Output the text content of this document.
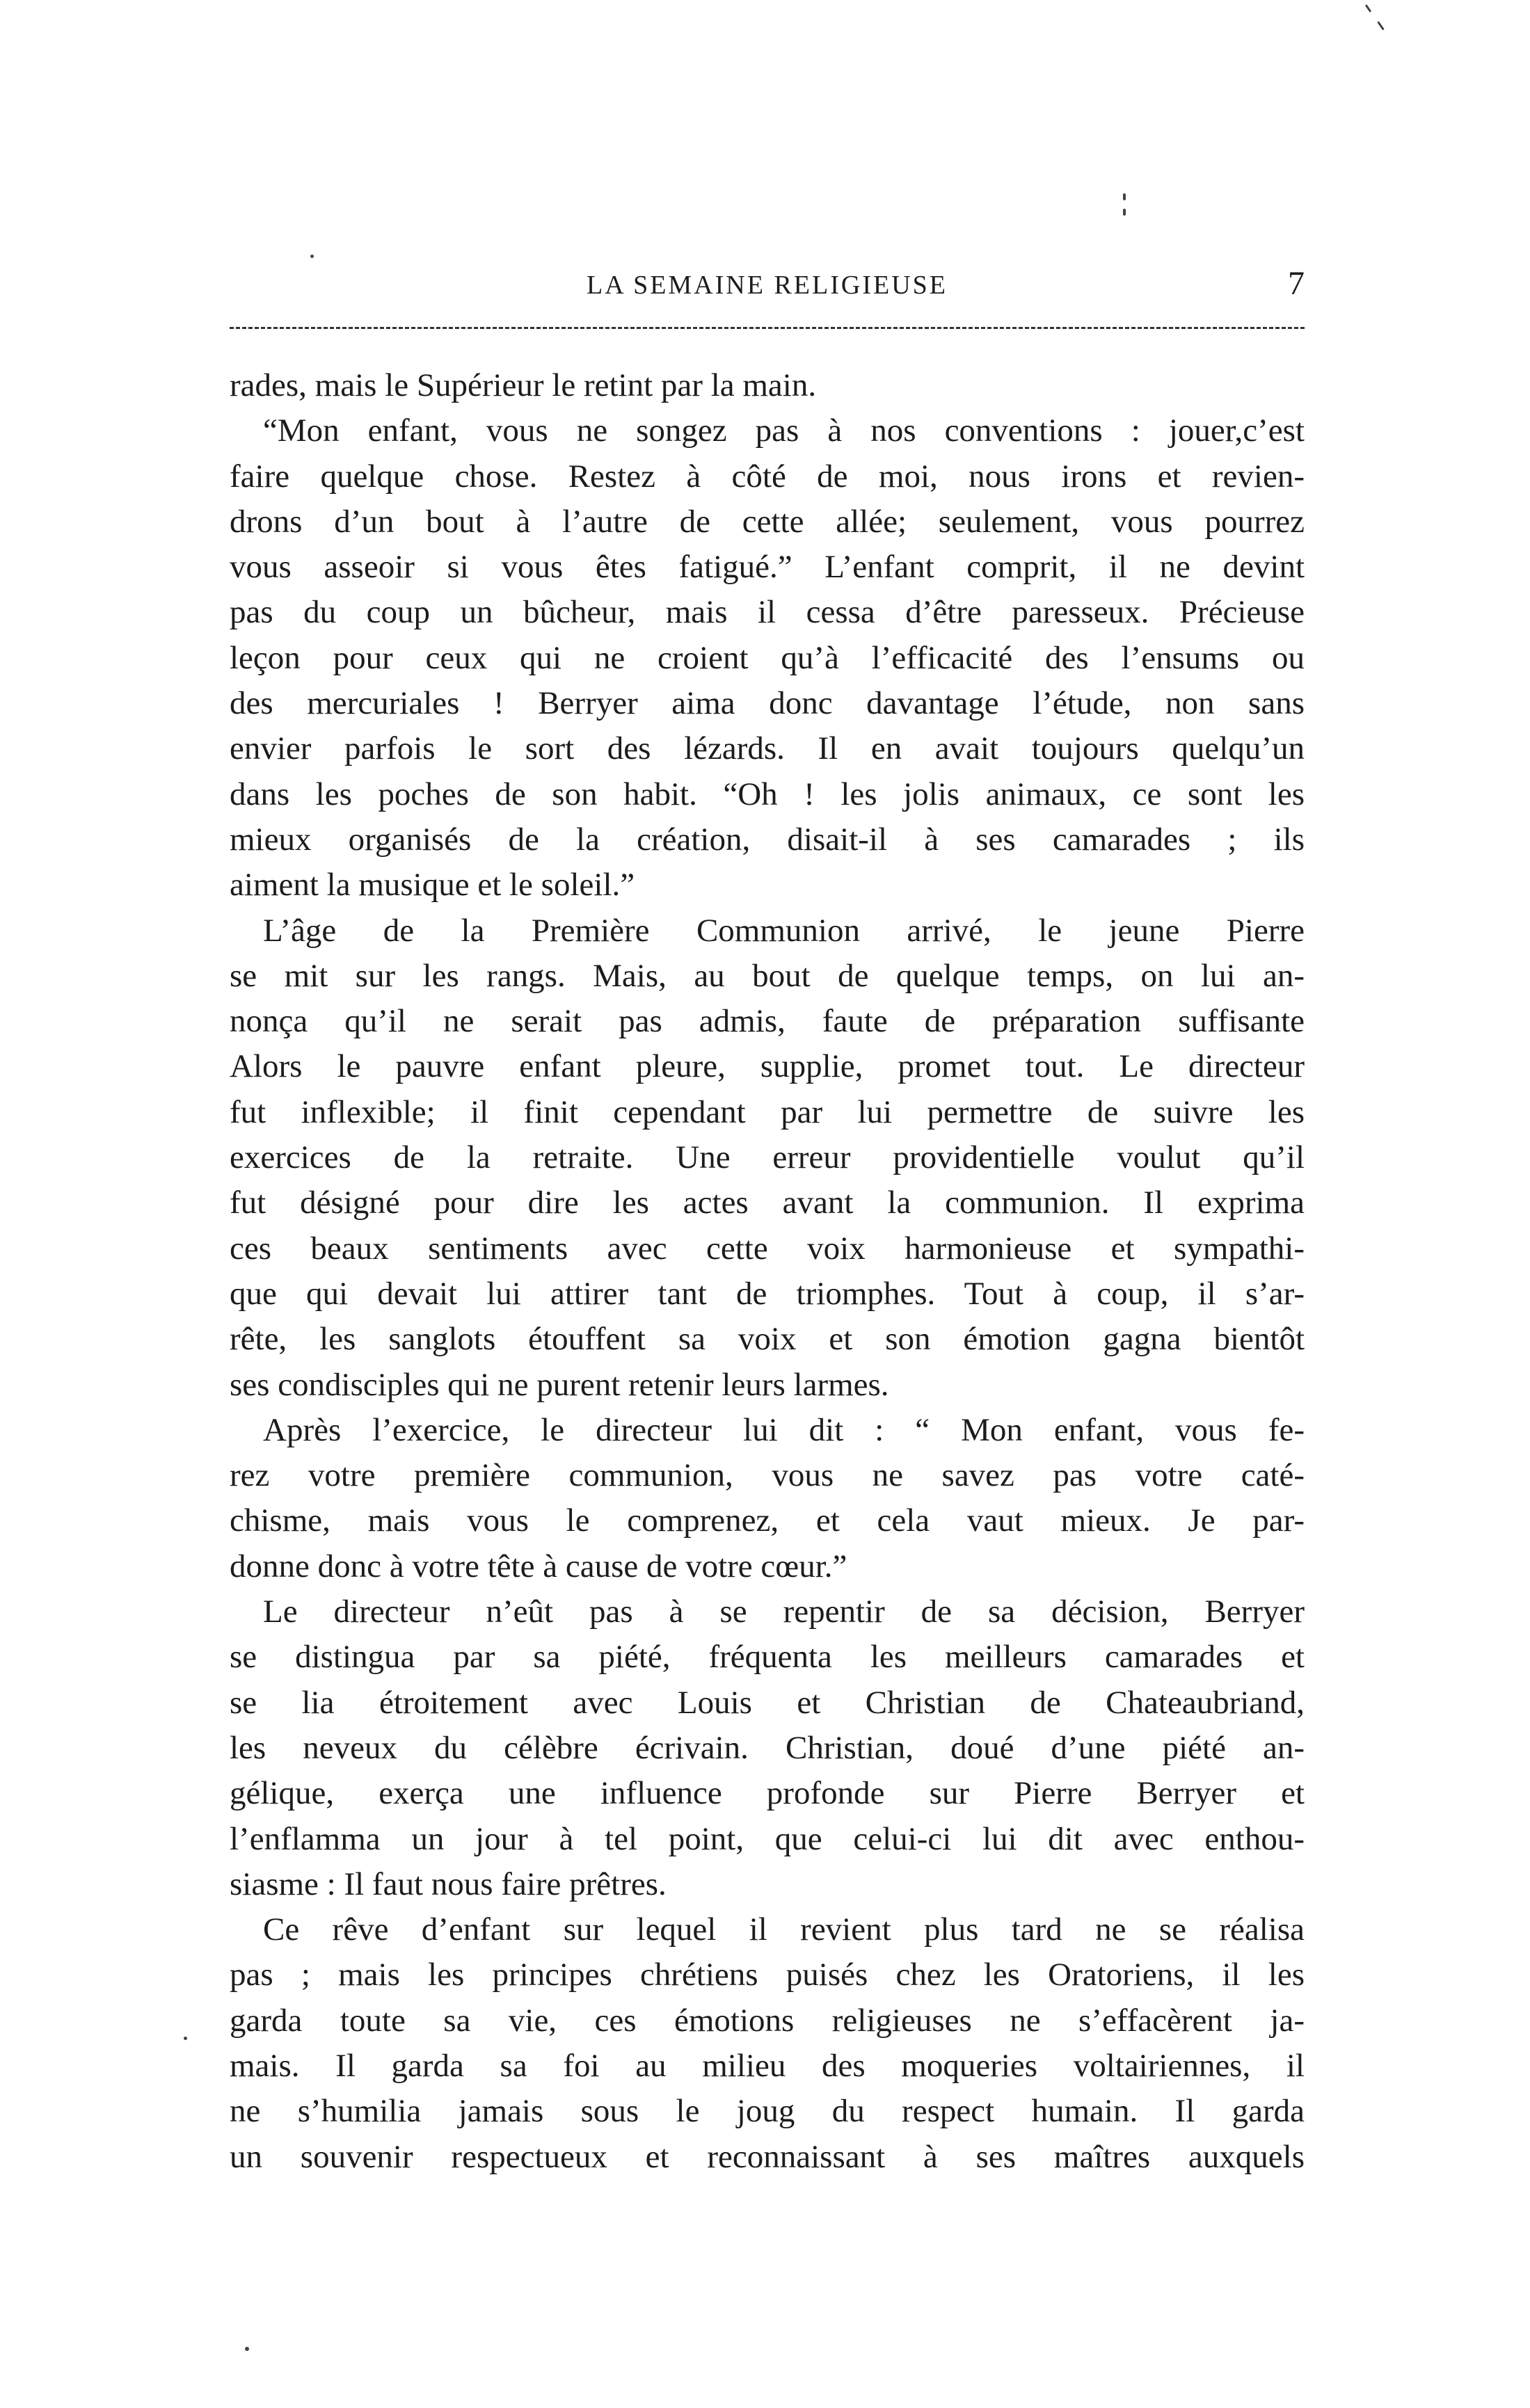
LA SEMAINE RELIGIEUSE	7
rades, mais le Supérieur le retint par la main.
“Mon enfant, vous ne songez pas à nos conventions : jouer,c’est
faire quelque chose. Restez à côté de moi, nous irons et revien-
drons d’un bout à l’autre de cette allée; seulement, vous pourrez
vous asseoir si vous êtes fatigué.” L’enfant comprit, il ne devint
pas du coup un bûcheur, mais il cessa d’être paresseux. Précieuse
leçon pour ceux qui ne croient qu’à l’efficacité des l’ensums ou
des mercuriales ! Berryer aima donc davantage l’étude, non sans
envier parfois le sort des lézards. Il en avait toujours quelqu’un
dans les poches de son habit. “Oh ! les jolis animaux, ce sont les
mieux organisés de la création, disait-il à ses camarades ; ils
aiment la musique et le soleil.”
L’âge de la Première Communion arrivé, le jeune Pierre
se mit sur les rangs. Mais, au bout de quelque temps, on lui an-
nonça qu’il ne serait pas admis, faute de préparation suffisante
Alors le pauvre enfant pleure, supplie, promet tout. Le directeur
fut inflexible; il finit cependant par lui permettre de suivre les
exercices de la retraite. Une erreur providentielle voulut qu’il
fut désigné pour dire les actes avant la communion. Il exprima
ces beaux sentiments avec cette voix harmonieuse et sympathi-
que qui devait lui attirer tant de triomphes. Tout à coup, il s’ar-
rête, les sanglots étouffent sa voix et son émotion gagna bientôt
ses condisciples qui ne purent retenir leurs larmes.
Après l’exercice, le directeur lui dit : “ Mon enfant, vous fe-
rez votre première communion, vous ne savez pas votre caté-
chisme, mais vous le comprenez, et cela vaut mieux. Je par-
donne donc à votre tête à cause de votre cœur.”
Le directeur n’eût pas à se repentir de sa décision, Berryer
se distingua par sa piété, fréquenta les meilleurs camarades et
se lia étroitement avec Louis et Christian de Chateaubriand,
les neveux du célèbre écrivain. Christian, doué d’une piété an-
gélique, exerça une influence profonde sur Pierre Berryer et
l’enflamma un jour à tel point, que celui-ci lui dit avec enthou-
siasme : Il faut nous faire prêtres.
Ce rêve d’enfant sur lequel il revient plus tard ne se réalisa
pas ; mais les principes chrétiens puisés chez les Oratoriens, il les
garda toute sa vie, ces émotions religieuses ne s’effacèrent ja-
mais. Il garda sa foi au milieu des moqueries voltairiennes, il
ne s’humilia jamais sous le joug du respect humain. Il garda
un souvenir respectueux et reconnaissant à ses maîtres auxquels
